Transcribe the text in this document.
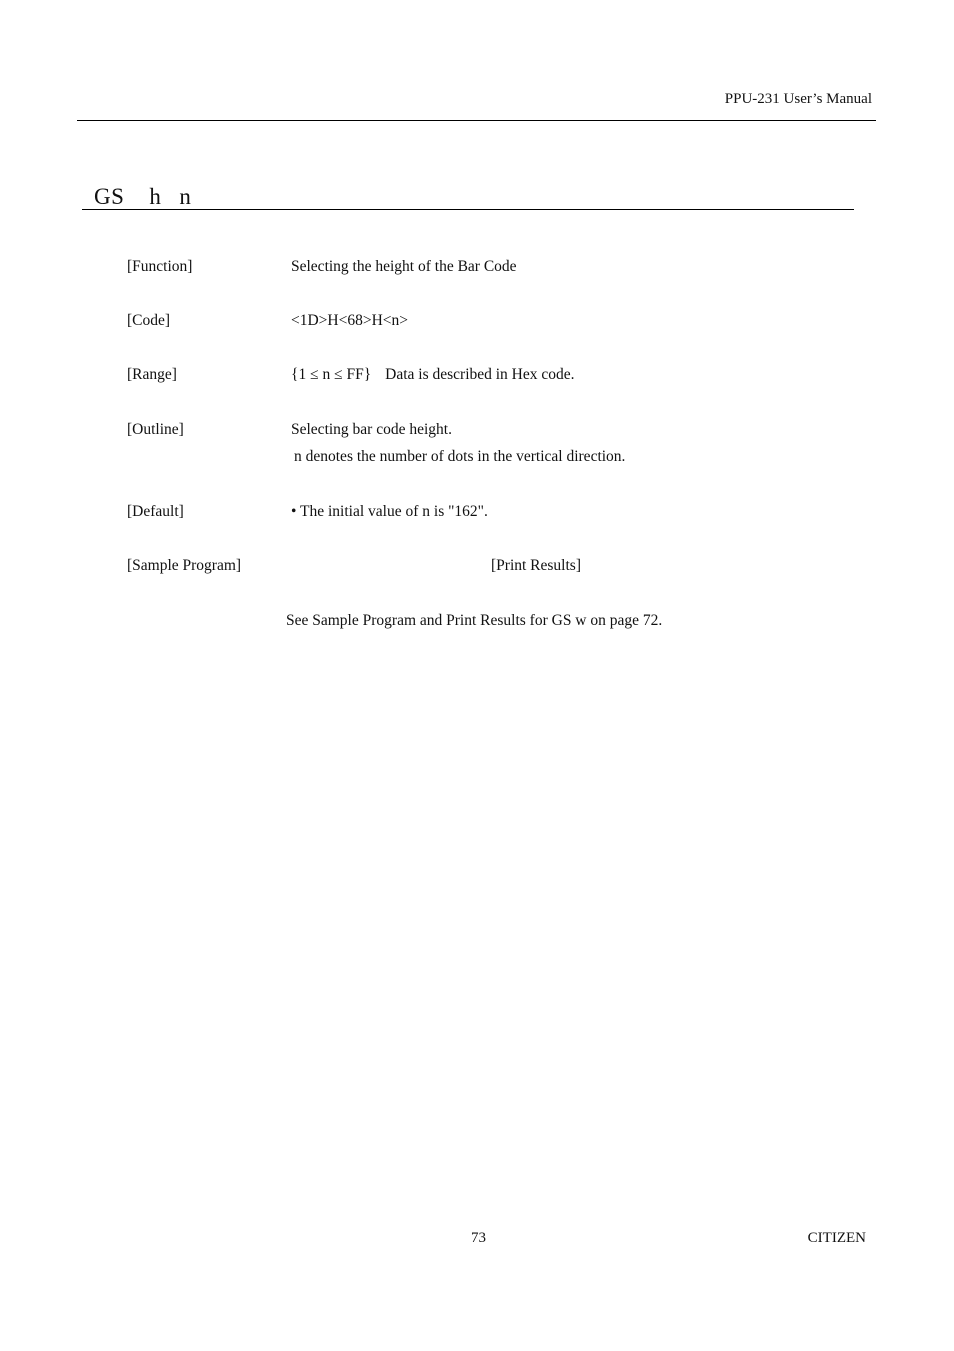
PPU-231 User’s Manual
GS h n
[Function]	Selecting the height of the Bar Code
[Code]	<1D>H<68>H<n>
[Range]	{1 ≤ n ≤ FF} Data is described in Hex code.
[Outline]	Selecting bar code height.
n denotes the number of dots in the vertical direction.
[Default]	• The initial value of n is "162".
[Sample Program]	[Print Results]
See Sample Program and Print Results for GS w on page 72.
73	CITIZEN
